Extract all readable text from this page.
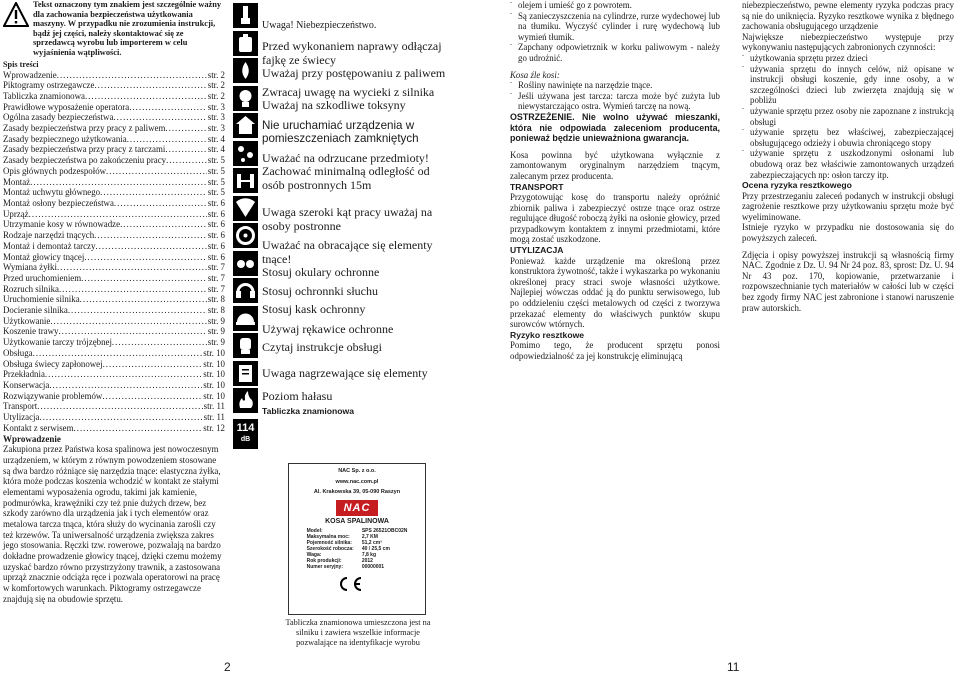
Tekst oznaczony tym znakiem jest szczególnie ważny dla zachowania bezpieczeństwa użytkowania maszyny. W przypadku nie zrozumienia instrukcji, bądź jej części, należy skontaktować się ze sprzedawcą wyrobu lub importerem w celu wyjaśnienia wątpliwości.
Spis treści
Wprowadzenie .....	str. 2
Piktogramy ostrzegawcze .....	str. 2
Tabliczka znamionowa .....	str. 2
Prawidłowe wyposażenie operatora .....	str. 3
Ogólna zasady bezpieczeństwa .....	str. 3
Zasady bezpieczeństwa przy pracy z paliwem .....	str. 3
Zasady bezpiecznego użytkowania .....	str. 4
Zasady bezpieczeństwa przy pracy z tarczami .....	str. 4
Zasady bezpieczeństwa po zakończeniu pracy .....	str. 5
Opis głównych podzespołów .....	str. 5
Montaż .....	str. 5
Montaż uchwytu głównego .....	str. 5
Montaż osłony bezpieczeństwa .....	str. 6
Uprząż .....	str. 6
Utrzymanie kosy w równowadze .....	str. 6
Rodzaje narzędzi tnących .....	str. 6
Montaż i demontaż tarczy .....	str. 6
Montaż głowicy tnącej .....	str. 6
Wymiana żyłki .....	str. 7
Przed uruchomieniem .....	str. 7
Rozruch silnika .....	str. 7
Uruchomienie silnika .....	str. 8
Docieranie silnika .....	str. 8
Użytkowanie .....	str. 9
Koszenie trawy .....	str. 9
Użytkowanie tarczy trójzębnej .....	str. 9
Obsługa .....	str. 10
Obsługa świecy zapłonowej .....	str. 10
Przekładnia .....	str. 10
Konserwacja .....	str. 10
Rozwiązywanie problemów .....	str. 10
Transport .....	str. 11
Utylizacja .....	str. 11
Kontakt z serwisem .....	str. 12
Wprowadzenie

Zakupiona przez Państwa kosa spalinowa jest nowoczesnym urządzeniem, w którym z równym powodzeniem stosowane są dwa bardzo różniące się narzędzia tnące: elastyczna żyłka, która może podczas koszenia wchodzić w kontakt ze stałymi elementami wyposażenia ogrodu, takimi jak kamienie, podmurówka, krawężniki czy też pnie dużych drzew, bez szkody zarówno dla urządzenia jak i tych elementów oraz metalowa tarcza tnąca, która służy do wycinania zarośli czy też krzewów. Ta uniwersalność urządzenia zwiększa zakres jego stosowania. Ręczki tzw. rowerowe, pozwalają na bardzo dokładne prowadzenie głowicy tnącej, dzięki czemu możemy uzyskać bardzo równo przystrzyżony trawnik, a zastosowana uprząż znacznie odciąża ręce i pozwala operatorowi na pracę w komfortowych warunkach. Piktogramy ostrzegawcze znajdują się na obudowie sprzętu.

114
dB

Uwaga! Niebezpieczeństwo.

Przed wykonaniem naprawy odłączaj fajkę ze świecy

Uważaj przy postępowaniu z paliwem

Zwracaj uwagę na wycieki z silnika

Uważaj na szkodliwe toksyny

Nie uruchamiać urządzenia w pomieszczeniach zamkniętych

Uważać na odrzucane przedmioty!

Zachować minimalną odległość od osób postronnych 15m

Uwaga szeroki kąt pracy uważaj na osoby postronne

Uważać na obracające się elementy tnące!

Stosuj okulary ochronne

Stosuj ochronnki słuchu

Stosuj kask ochronny

Używaj rękawice ochronne

Czytaj instrukcje obsługi

Uwaga nagrzewające się elementy

Poziom hałasu

Tabliczka znamionowa
NAC Sp. z o.o.
www.nac.com.pl
Al. Krakowska 39, 05-090 Raszyn
NAC
KOSA SPALINOWA
Model:	SPS 26521OBC02N
Maksymalna moc:	2,7 KM
Pojemność silnika:	51,2 cm³
Szerokość robocza:	40 / 25,5 cm
Waga:	7,8 kg
Rok produkcji:	2012
Numer seryjny:	00000001
Tabliczka znamionowa umieszczona jest na silniku i zawiera wszelkie informacje pozwalające na identyfikacje wyrobu
2	11

- olejem i umieść go z powrotem.

- Są zanieczyszczenia na cylindrze, rurze wydechowej lub na tłumiku. Wyczyść cylinder i rurę wydechową lub wymień tłumik.

- Zapchany odpowietrznik w korku paliwowym - należy go udrożnić.

Kosa źle kosi:

- Rośliny nawinięte na narzędzie tnące.

- Jeśli używana jest tarcza: tarcza może być zużyta lub niewystarczająco ostra. Wymień tarczę na nową.

OSTRZEŻENIE. Nie wolno używać mieszanki, która nie odpowiada zaleceniom producenta, ponieważ będzie unieważniona gwarancja.

Kosa powinna być użytkowana wyłącznie z zamontowanym oryginalnym narzędziem tnącym, zalecanym przez producenta.

TRANSPORT

Przygotowując kosę do transportu należy opróżnić zbiornik paliwa i zabezpieczyć ostrze tnące oraz ostrze regulujące długość roboczą żyłki na osłonie głowicy, przed przypadkowym kontaktem z innymi przedmiotami, które mogą zostać uszkodzone.

UTYLIZACJA

Ponieważ każde urządzenie ma określoną przez konstruktora żywotność, także i wykaszarka po wykonaniu określonej pracy straci swoje własności użytkowe. Najlepiej wówczas oddać ją do punktu serwisowego, lub po oddzieleniu części metalowych od części z tworzywa przekazać elementy do właściwych punktów skupu surowców wtórnych.

Ryzyko resztkowe

Pomimo tego, że producent sprzętu ponosi odpowiedzialność za jej konstrukcję eliminującą

niebezpieczeństwo, pewne elementy ryzyka podczas pracy są nie do uniknięcia. Ryzyko resztkowe wynika z błędnego zachowania obsługującego urządzenie

Największe niebezpieczeństwo występuje przy wykonywaniu następujących zabronionych czynności:

- użytkowania sprzętu przez dzieci

- używania sprzętu do innych celów, niż opisane w instrukcji obsługi koszenie, gdy inne osoby, a w szczególności dzieci lub zwierzęta znajdują się w pobliżu

- używanie sprzętu przez osoby nie zapoznane z instrukcją obsługi

- używanie sprzętu bez właściwej, zabezpieczającej obsługującego odzieży i obuwia chroniącego stopy

- używanie sprzętu z uszkodzonymi osłonami lub obudową oraz bez właściwie zamontowanych urządzeń zabezpieczających np: osłon tarczy itp.

Ocena ryzyka resztkowego

Przy przestrzeganiu zaleceń podanych w instrukcji obsługi zagrożenie resztkowe przy użytkowaniu sprzętu może być wyeliminowane.

Istnieje ryzyko w przypadku nie dostosowania się do powyższych zaleceń.

Zdjęcia i opisy powyższej instrukcji są własnością firmy NAC. Zgodnie z Dz. U. 94 Nr 24 poz. 83, sprost: Dz. U. 94 Nr 43 poz. 170, kopiowanie, przetwarzanie i rozpowszechnianie tych materiałów w całości lub w części bez zgody firmy NAC jest zabronione i stanowi naruszenie praw autorskich.
